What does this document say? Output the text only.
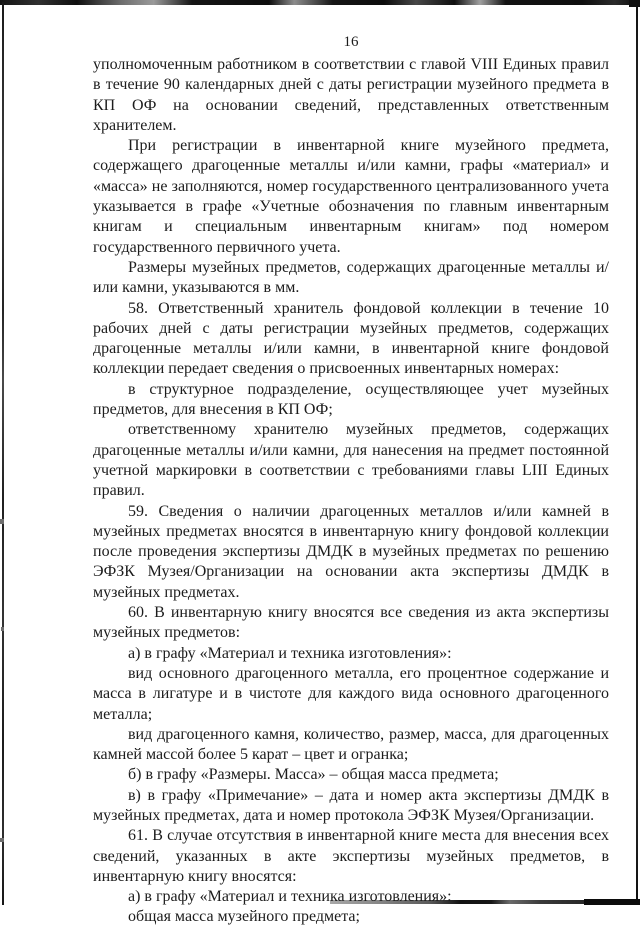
16

уполномоченным работником в соответствии с главой VIII Единых правил в течение 90 календарных дней с даты регистрации музейного предмета в КП ОФ на основании сведений, представленных ответственным хранителем.

При регистрации в инвентарной книге музейного предмета, содержащего драгоценные металлы и/или камни, графы «материал» и «масса» не заполняются, номер государственного централизованного учета указывается в графе «Учетные обозначения по главным инвентарным книгам и специальным инвентарным книгам» под номером государственного первичного учета.

Размеры музейных предметов, содержащих драгоценные металлы и/или камни, указываются в мм.

58. Ответственный хранитель фондовой коллекции в течение 10 рабочих дней с даты регистрации музейных предметов, содержащих драгоценные металлы и/или камни, в инвентарной книге фондовой коллекции передает сведения о присвоенных инвентарных номерах:

в структурное подразделение, осуществляющее учет музейных предметов, для внесения в КП ОФ;

ответственному хранителю музейных предметов, содержащих драгоценные металлы и/или камни, для нанесения на предмет постоянной учетной маркировки в соответствии с требованиями главы LIII Единых правил.

59. Сведения о наличии драгоценных металлов и/или камней в музейных предметах вносятся в инвентарную книгу фондовой коллекции после проведения экспертизы ДМДК в музейных предметах по решению ЭФЗК Музея/Организации на основании акта экспертизы ДМДК в музейных предметах.

60. В инвентарную книгу вносятся все сведения из акта экспертизы музейных предметов:

а) в графу «Материал и техника изготовления»:

вид основного драгоценного металла, его процентное содержание и масса в лигатуре и в чистоте для каждого вида основного драгоценного металла;

вид драгоценного камня, количество, размер, масса, для драгоценных камней массой более 5 карат – цвет и огранка;

б) в графу «Размеры. Масса» – общая масса предмета;

в) в графу «Примечание» – дата и номер акта экспертизы ДМДК в музейных предметах, дата и номер протокола ЭФЗК Музея/Организации.

61. В случае отсутствия в инвентарной книге места для внесения всех сведений, указанных в акте экспертизы музейных предметов, в инвентарную книгу вносятся:

а) в графу «Материал и техника изготовления»:

общая масса музейного предмета;
